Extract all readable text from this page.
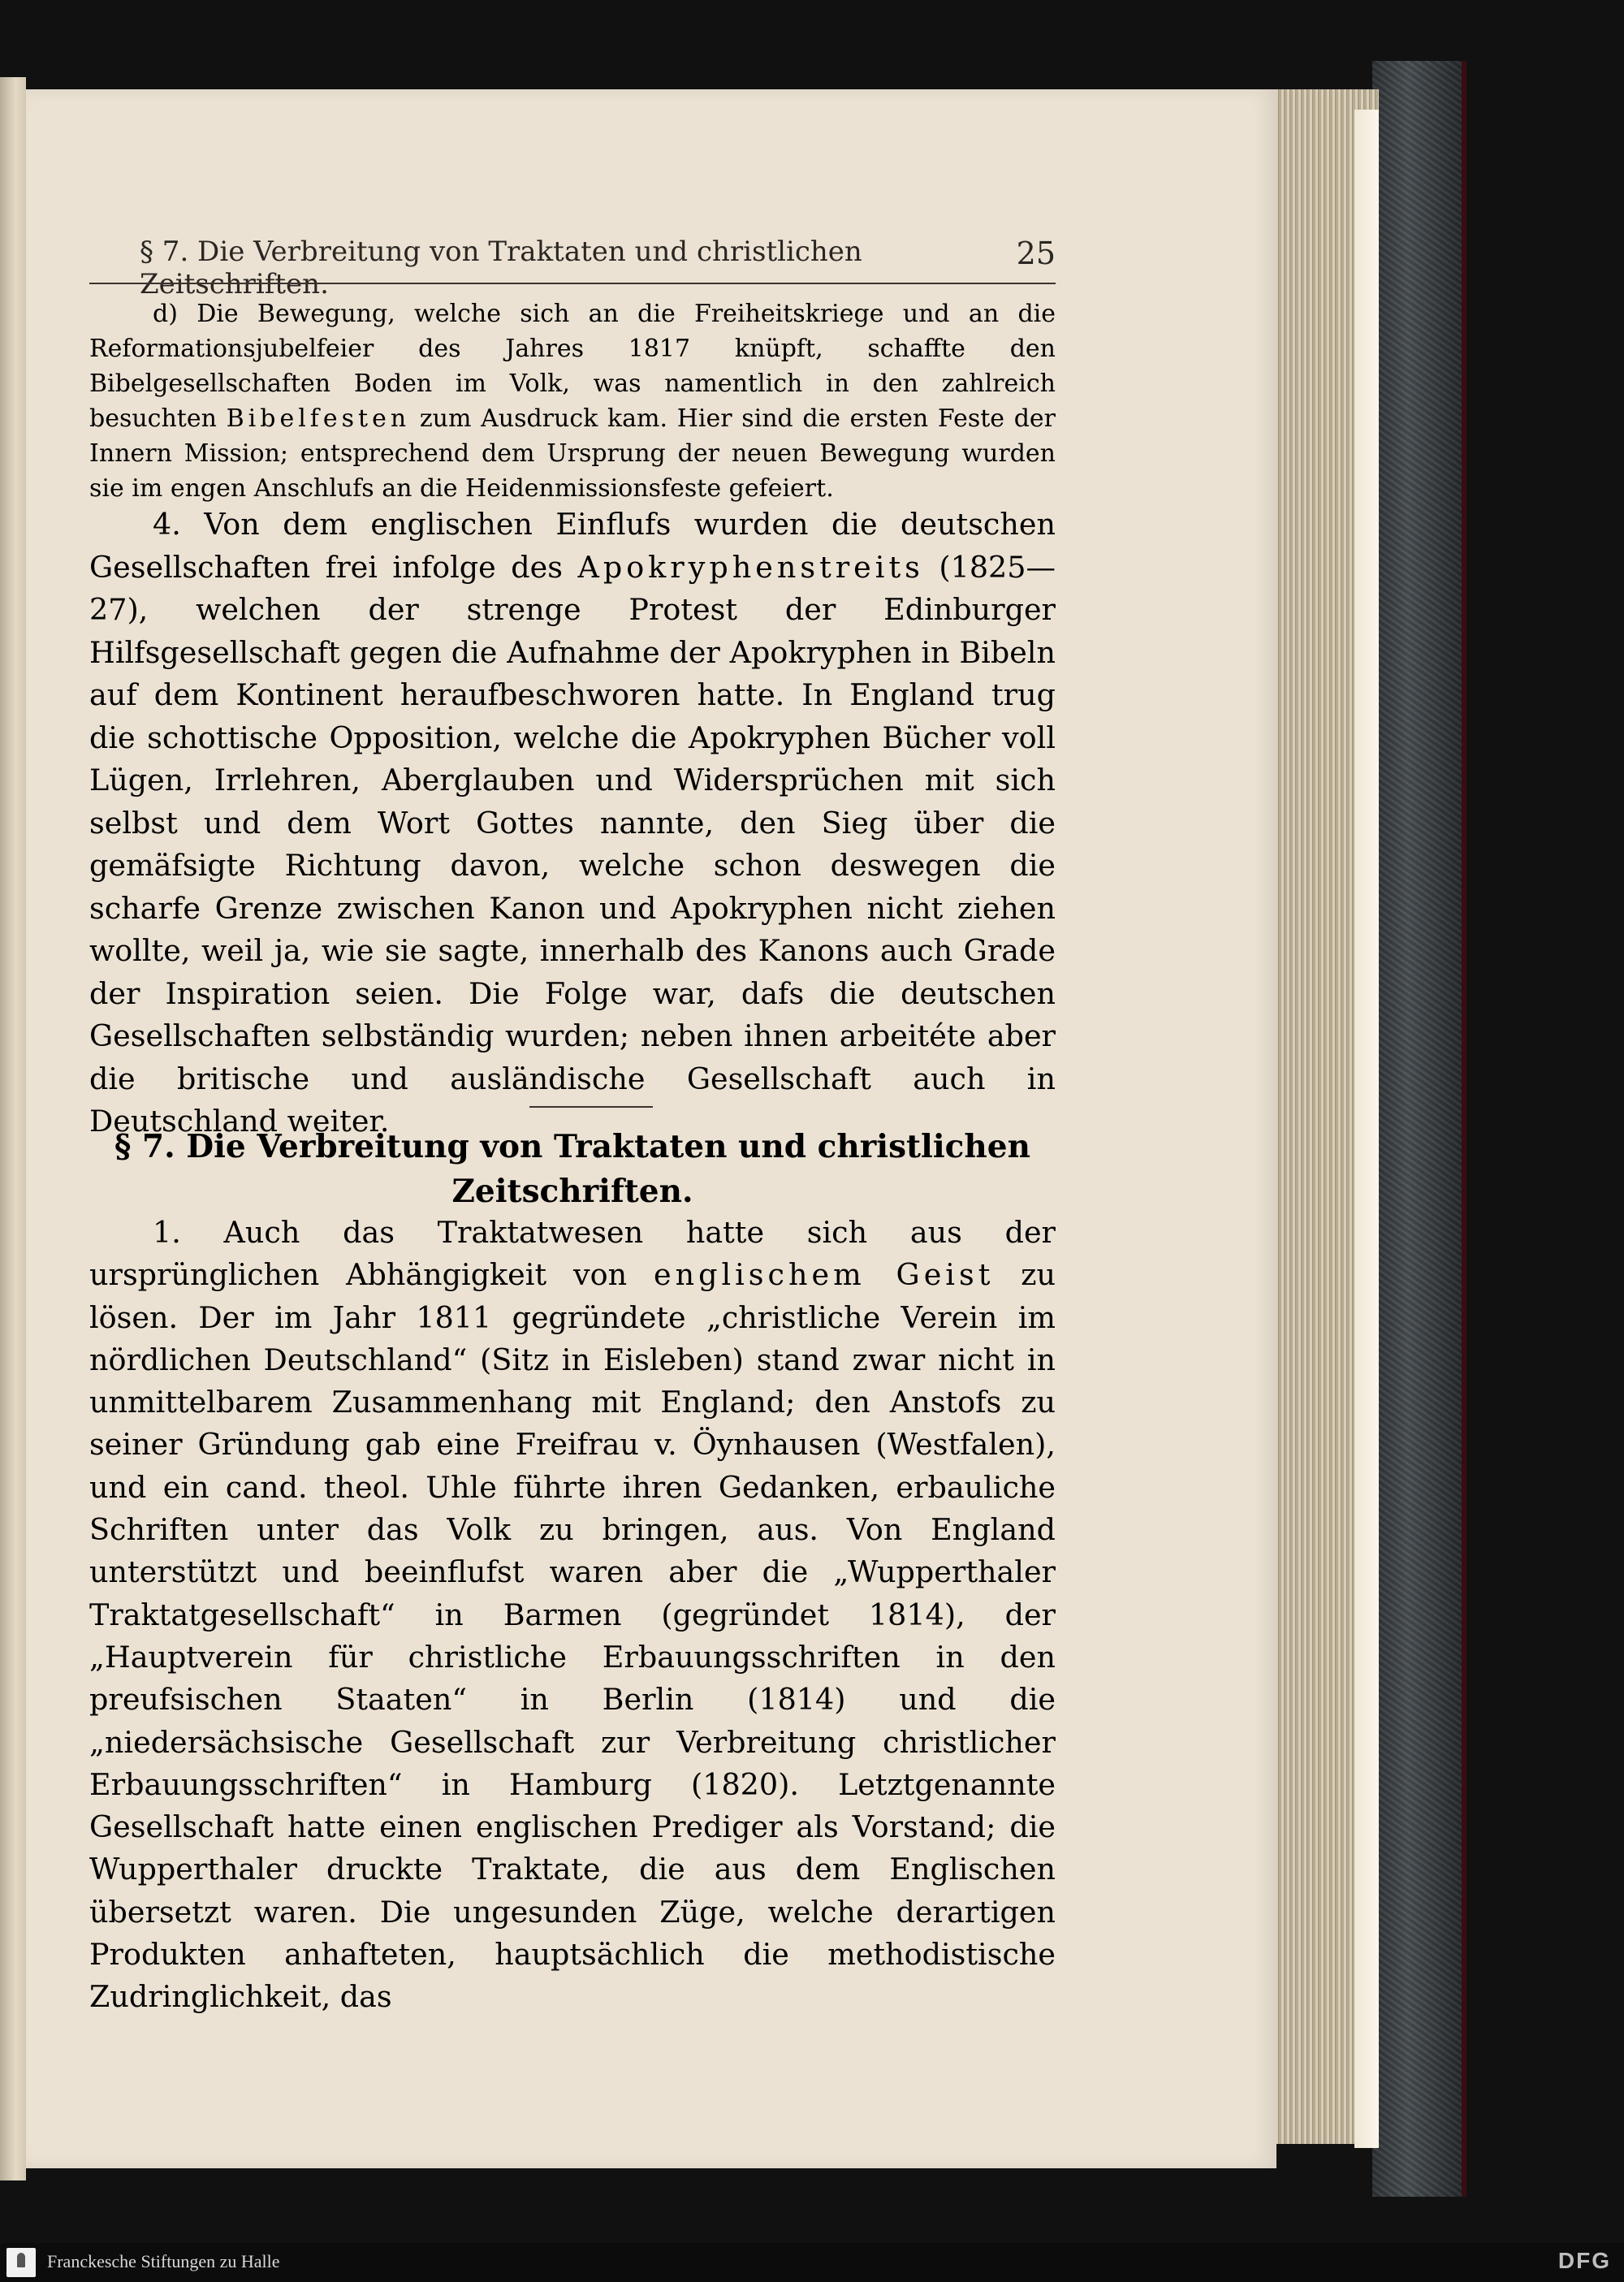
§ 7. Die Verbreitung von Traktaten und christlichen Zeitschriften.
25

d) Die Bewegung, welche sich an die Freiheitskriege und an die Reformationsjubelfeier des Jahres 1817 knüpft, schaffte den Bibelgesellschaften Boden im Volk, was namentlich in den zahlreich besuchten Bibelfesten zum Ausdruck kam. Hier sind die ersten Feste der Innern Mission; entsprechend dem Ursprung der neuen Bewegung wurden sie im engen Anschlufs an die Heidenmissionsfeste gefeiert.

4. Von dem englischen Einflufs wurden die deutschen Gesellschaften frei infolge des Apokryphenstreits (1825—27), welchen der strenge Protest der Edinburger Hilfsgesellschaft gegen die Aufnahme der Apokryphen in Bibeln auf dem Kontinent heraufbeschworen hatte. In England trug die schottische Opposition, welche die Apokryphen Bücher voll Lügen, Irrlehren, Aberglauben und Widersprüchen mit sich selbst und dem Wort Gottes nannte, den Sieg über die gemäfsigte Richtung davon, welche schon deswegen die scharfe Grenze zwischen Kanon und Apokryphen nicht ziehen wollte, weil ja, wie sie sagte, innerhalb des Kanons auch Grade der Inspiration seien. Die Folge war, dafs die deutschen Gesellschaften selbständig wurden; neben ihnen arbeitéte aber die britische und ausländische Gesellschaft auch in Deutschland weiter.

§ 7. Die Verbreitung von Traktaten und christlichen
Zeitschriften.

1. Auch das Traktatwesen hatte sich aus der ursprünglichen Abhängigkeit von englischem Geist zu lösen. Der im Jahr 1811 gegründete „christliche Verein im nördlichen Deutschland“ (Sitz in Eisleben) stand zwar nicht in unmittelbarem Zusammenhang mit England; den Anstofs zu seiner Gründung gab eine Freifrau v. Öynhausen (Westfalen), und ein cand. theol. Uhle führte ihren Gedanken, erbauliche Schriften unter das Volk zu bringen, aus. Von England unterstützt und beeinflufst waren aber die „Wupperthaler Traktatgesellschaft“ in Barmen (gegründet 1814), der „Hauptverein für christliche Erbauungsschriften in den preufsischen Staaten“ in Berlin (1814) und die „niedersächsische Gesellschaft zur Verbreitung christlicher Erbauungsschriften“ in Hamburg (1820). Letztgenannte Gesellschaft hatte einen englischen Prediger als Vorstand; die Wupperthaler druckte Traktate, die aus dem Englischen übersetzt waren. Die ungesunden Züge, welche derartigen Produkten anhafteten, hauptsächlich die methodistische Zudringlichkeit, das

Franckesche Stiftungen zu Halle	DFG
